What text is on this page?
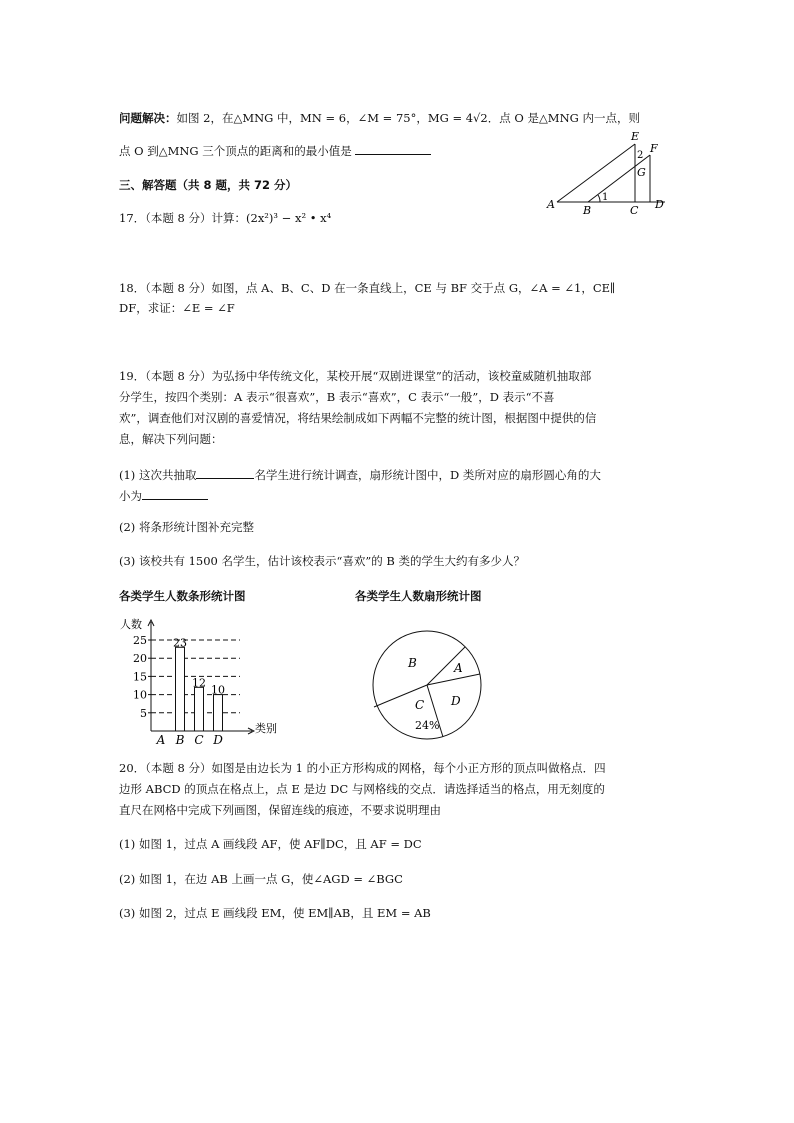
问题解决：如图 2，在△MNG 中，MN = 6，∠M = 75°，MG = 4√2．点 O 是△MNG 内一点，则
点 O 到△MNG 三个顶点的距离和的最小值是
三、解答题（共 8 题，共 72 分）
E
F
2
G
1
A	B	C D
17．（本题 8 分）计算：(2x²)³ − x² • x⁴
18．（本题 8 分）如图，点 A、B、C、D 在一条直线上，CE 与 BF 交于点 G，∠A = ∠1，CE∥
DF，求证：∠E = ∠F
19．（本题 8 分）为弘扬中华传统文化，某校开展“双剧进课堂”的活动，该校童威随机抽取部
分学生，按四个类别：A 表示“很喜欢”，B 表示“喜欢”，C 表示“一般”，D 表示“不喜
欢”，调查他们对汉剧的喜爱情况，将结果绘制成如下两幅不完整的统计图，根据图中提供的信
息，解决下列问题：
(1) 这次共抽取	名学生进行统计调查，扇形统计图中，D 类所对应的扇形圆心角的大
小为
(2) 将条形统计图补充完整
(3) 该校共有 1500 名学生，估计该校表示“喜欢”的 B 类的学生大约有多少人？
各类学生人数条形统计图	各类学生人数扇形统计图
人数
类别
5
10
15
20
25
A B
23
C
12
D
10
B	A
D
C
24%
20．（本题 8 分）如图是由边长为 1 的小正方形构成的网格，每个小正方形的顶点叫做格点．四
边形 ABCD 的顶点在格点上，点 E 是边 DC 与网格线的交点．请选择适当的格点，用无刻度的
直尺在网格中完成下列画图，保留连线的痕迹，不要求说明理由
(1) 如图 1，过点 A 画线段 AF，使 AF∥DC，且 AF = DC
(2) 如图 1，在边 AB 上画一点 G，使∠AGD = ∠BGC
(3) 如图 2，过点 E 画线段 EM，使 EM∥AB，且 EM = AB
